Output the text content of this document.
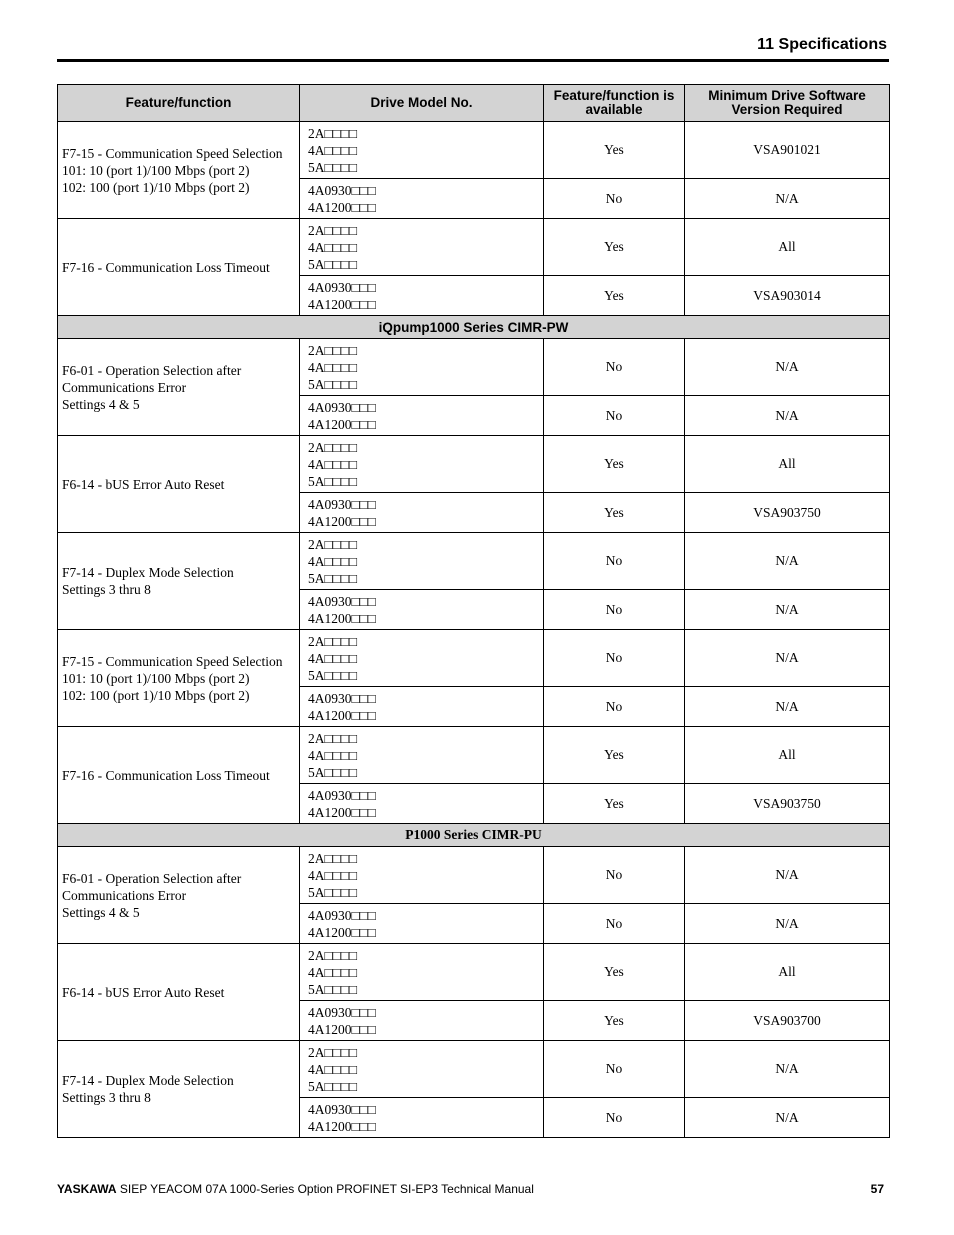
11 Specifications
Feature/function	Drive Model No.	Feature/function is available	Minimum Drive Software Version Required

F7-15 - Communication Speed Selection
101: 10 (port 1)/100 Mbps (port 2)
102: 100 (port 1)/10 Mbps (port 2)	2A□□□□
4A□□□□
5A□□□□	Yes	VSA901021

	4A0930□□□
4A1200□□□	No	N/A

F7-16 - Communication Loss Timeout	2A□□□□
4A□□□□
5A□□□□	Yes	All

	4A0930□□□
4A1200□□□	Yes	VSA903014
iQpump1000 Series CIMR-PW			

F6-01 - Operation Selection after
Communications Error
Settings 4 & 5	2A□□□□
4A□□□□
5A□□□□	No	N/A

	4A0930□□□
4A1200□□□	No	N/A

F6-14 - bUS Error Auto Reset	2A□□□□
4A□□□□
5A□□□□	Yes	All

	4A0930□□□
4A1200□□□	Yes	VSA903750

F7-14 - Duplex Mode Selection
Settings 3 thru 8	2A□□□□
4A□□□□
5A□□□□	No	N/A

	4A0930□□□
4A1200□□□	No	N/A

F7-15 - Communication Speed Selection
101: 10 (port 1)/100 Mbps (port 2)
102: 100 (port 1)/10 Mbps (port 2)	2A□□□□
4A□□□□
5A□□□□	No	N/A

	4A0930□□□
4A1200□□□	No	N/A

F7-16 - Communication Loss Timeout	2A□□□□
4A□□□□
5A□□□□	Yes	All

	4A0930□□□
4A1200□□□	Yes	VSA903750
P1000 Series CIMR-PU			

F6-01 - Operation Selection after
Communications Error
Settings 4 & 5	2A□□□□
4A□□□□
5A□□□□	No	N/A

	4A0930□□□
4A1200□□□	No	N/A

F6-14 - bUS Error Auto Reset	2A□□□□
4A□□□□
5A□□□□	Yes	All

	4A0930□□□
4A1200□□□	Yes	VSA903700

F7-14 - Duplex Mode Selection
Settings 3 thru 8	2A□□□□
4A□□□□
5A□□□□	No	N/A

	4A0930□□□
4A1200□□□	No	N/A
YASKAWA SIEP YEACOM 07A 1000-Series Option PROFINET SI-EP3 Technical Manual	57
